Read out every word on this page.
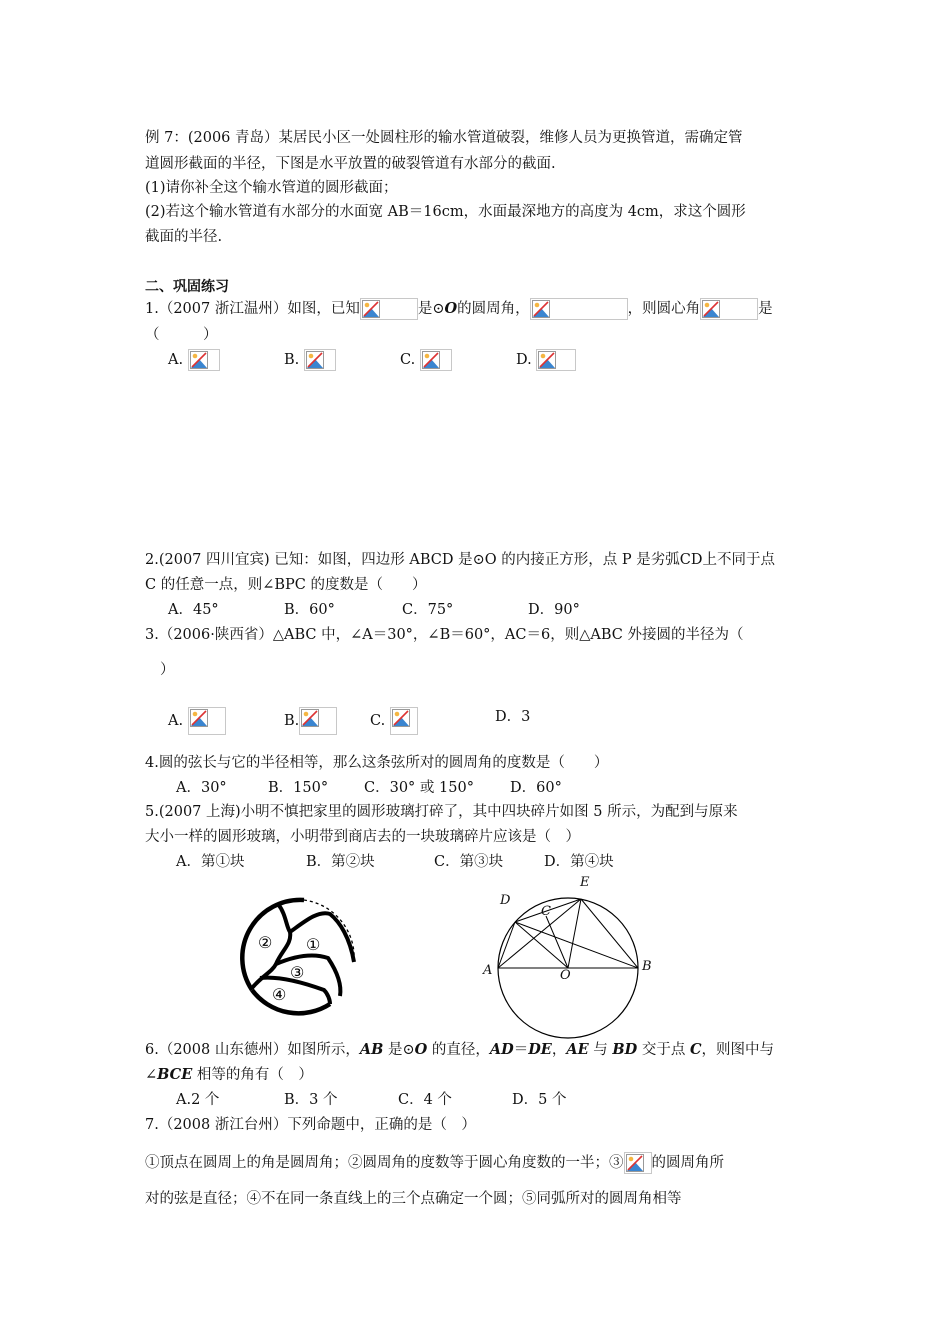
例 7：(2006 青岛）某居民小区一处圆柱形的输水管道破裂，维修人员为更换管道，需确定管
道圆形截面的半径，下图是水平放置的破裂管道有水部分的截面.
(1)请你补全这个输水管道的圆形截面；
(2)若这个输水管道有水部分的水面宽 AB＝16cm，水面最深地方的高度为 4cm，求这个圆形
截面的半径.
二、巩固练习
1.（2007 浙江温州）如图，已知	是⊙O的圆周角，	，则圆心角	是
（　　　）
A.	B.	C.	D.
2.(2007 四川宜宾) 已知：如图，四边形 ABCD 是⊙O 的内接正方形，点 P 是劣弧CD上不同于点
C 的任意一点，则∠BPC 的度数是（　　）
A．45°	B．60°	C．75°	D．90°
3.（2006·陕西省）△ABC 中，∠A＝30°，∠B＝60°，AC＝6，则△ABC 外接圆的半径为（
）
A.	B.	C.	D．3
4.圆的弦长与它的半径相等，那么这条弦所对的圆周角的度数是（　　）
A．30°	B．150° C．30° 或 150° D．60°
5.(2007 上海)小明不慎把家里的圆形玻璃打碎了，其中四块碎片如图 5 所示，为配到与原来
大小一样的圆形玻璃，小明带到商店去的一块玻璃碎片应该是（　）
A．第①块	B．第②块	C．第③块	D．第④块
② ①
③
④
D
E
C
A	O
B
6.（2008 山东德州）如图所示，AB 是⊙O 的直径，AD＝DE，AE 与 BD 交于点 C，则图中与
∠BCE 相等的角有（　）
A.2 个	B．3 个	C．4 个	D．5 个
7.（2008 浙江台州）下列命题中，正确的是（　）
①顶点在圆周上的角是圆周角；②圆周角的度数等于圆心角度数的一半；③ 的圆周角所
对的弦是直径；④不在同一条直线上的三个点确定一个圆；⑤同弧所对的圆周角相等
